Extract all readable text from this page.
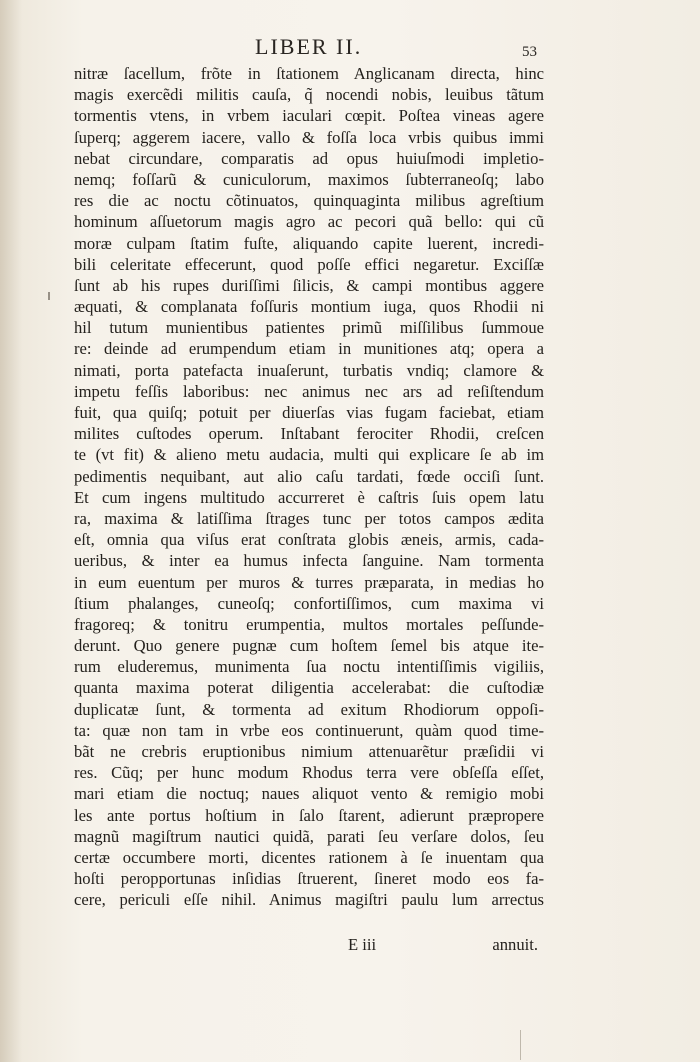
LIBER II.	53
nitræ ſacellum, frõte in ſtationem Anglicanam directa, hinc
magis exercẽdi militis cauſa, q̃ nocendi nobis, leuibus tãtum
tormentis vtens, in vrbem iaculari cœpit. Poſtea vineas agere
ſuperq; aggerem iacere, vallo & foſſa loca vrbis quibus immi
nebat circundare, comparatis ad opus huiuſmodi impletio-
nemq; foſſarũ & cuniculorum, maximos ſubterraneoſq; labo
res die ac noctu cõtinuatos, quinquaginta milibus agreſtium
hominum aſſuetorum magis agro ac pecori quã bello: qui cũ
moræ culpam ſtatim fuſte, aliquando capite luerent, incredi-
bili celeritate effecerunt, quod poſſe effici negaretur. Exciſſæ
ſunt ab his rupes duriſſimi ſilicis, & campi montibus aggere
æquati, & complanata foſſuris montium iuga, quos Rhodii ni
hil tutum munientibus patientes primũ miſſilibus ſummoue
re: deinde ad erumpendum etiam in munitiones atq; opera a
nimati, porta patefacta inuaſerunt, turbatis vndiq; clamore &
impetu feſſis laboribus: nec animus nec ars ad reſiſtendum
fuit, qua quiſq; potuit per diuerſas vias fugam faciebat, etiam
milites cuſtodes operum. Inſtabant ferociter Rhodii, creſcen
te (vt fit) & alieno metu audacia, multi qui explicare ſe ab im
pedimentis nequibant, aut alio caſu tardati, fœde occiſi ſunt.
Et cum ingens multitudo accurreret è caſtris ſuis opem latu
ra, maxima & latiſſima ſtrages tunc per totos campos ædita
eſt, omnia qua viſus erat conſtrata globis æneis, armis, cada-
ueribus, & inter ea humus infecta ſanguine. Nam tormenta
in eum euentum per muros & turres præparata, in medias ho
ſtium phalanges, cuneoſq; confortiſſimos, cum maxima vi
fragoreq; & tonitru erumpentia, multos mortales peſſunde-
derunt. Quo genere pugnæ cum hoſtem ſemel bis atque ite-
rum eluderemus, munimenta ſua noctu intentiſſimis vigiliis,
quanta maxima poterat diligentia accelerabat: die cuſtodiæ
duplicatæ ſunt, & tormenta ad exitum Rhodiorum oppoſi-
ta: quæ non tam in vrbe eos continuerunt, quàm quod time-
bãt ne crebris eruptionibus nimium attenuarẽtur præſidii vi
res. Cũq; per hunc modum Rhodus terra vere obſeſſa eſſet,
mari etiam die noctuq; naues aliquot vento & remigio mobi
les ante portus hoſtium in ſalo ſtarent, adierunt præpropere
magnũ magiſtrum nautici quidã, parati ſeu verſare dolos, ſeu
certæ occumbere morti, dicentes rationem à ſe inuentam qua
hoſti peropportunas inſidias ſtruerent, ſineret modo eos fa-
cere, periculi eſſe nihil. Animus magiſtri paulu lum arrectus
E iii	annuit.
